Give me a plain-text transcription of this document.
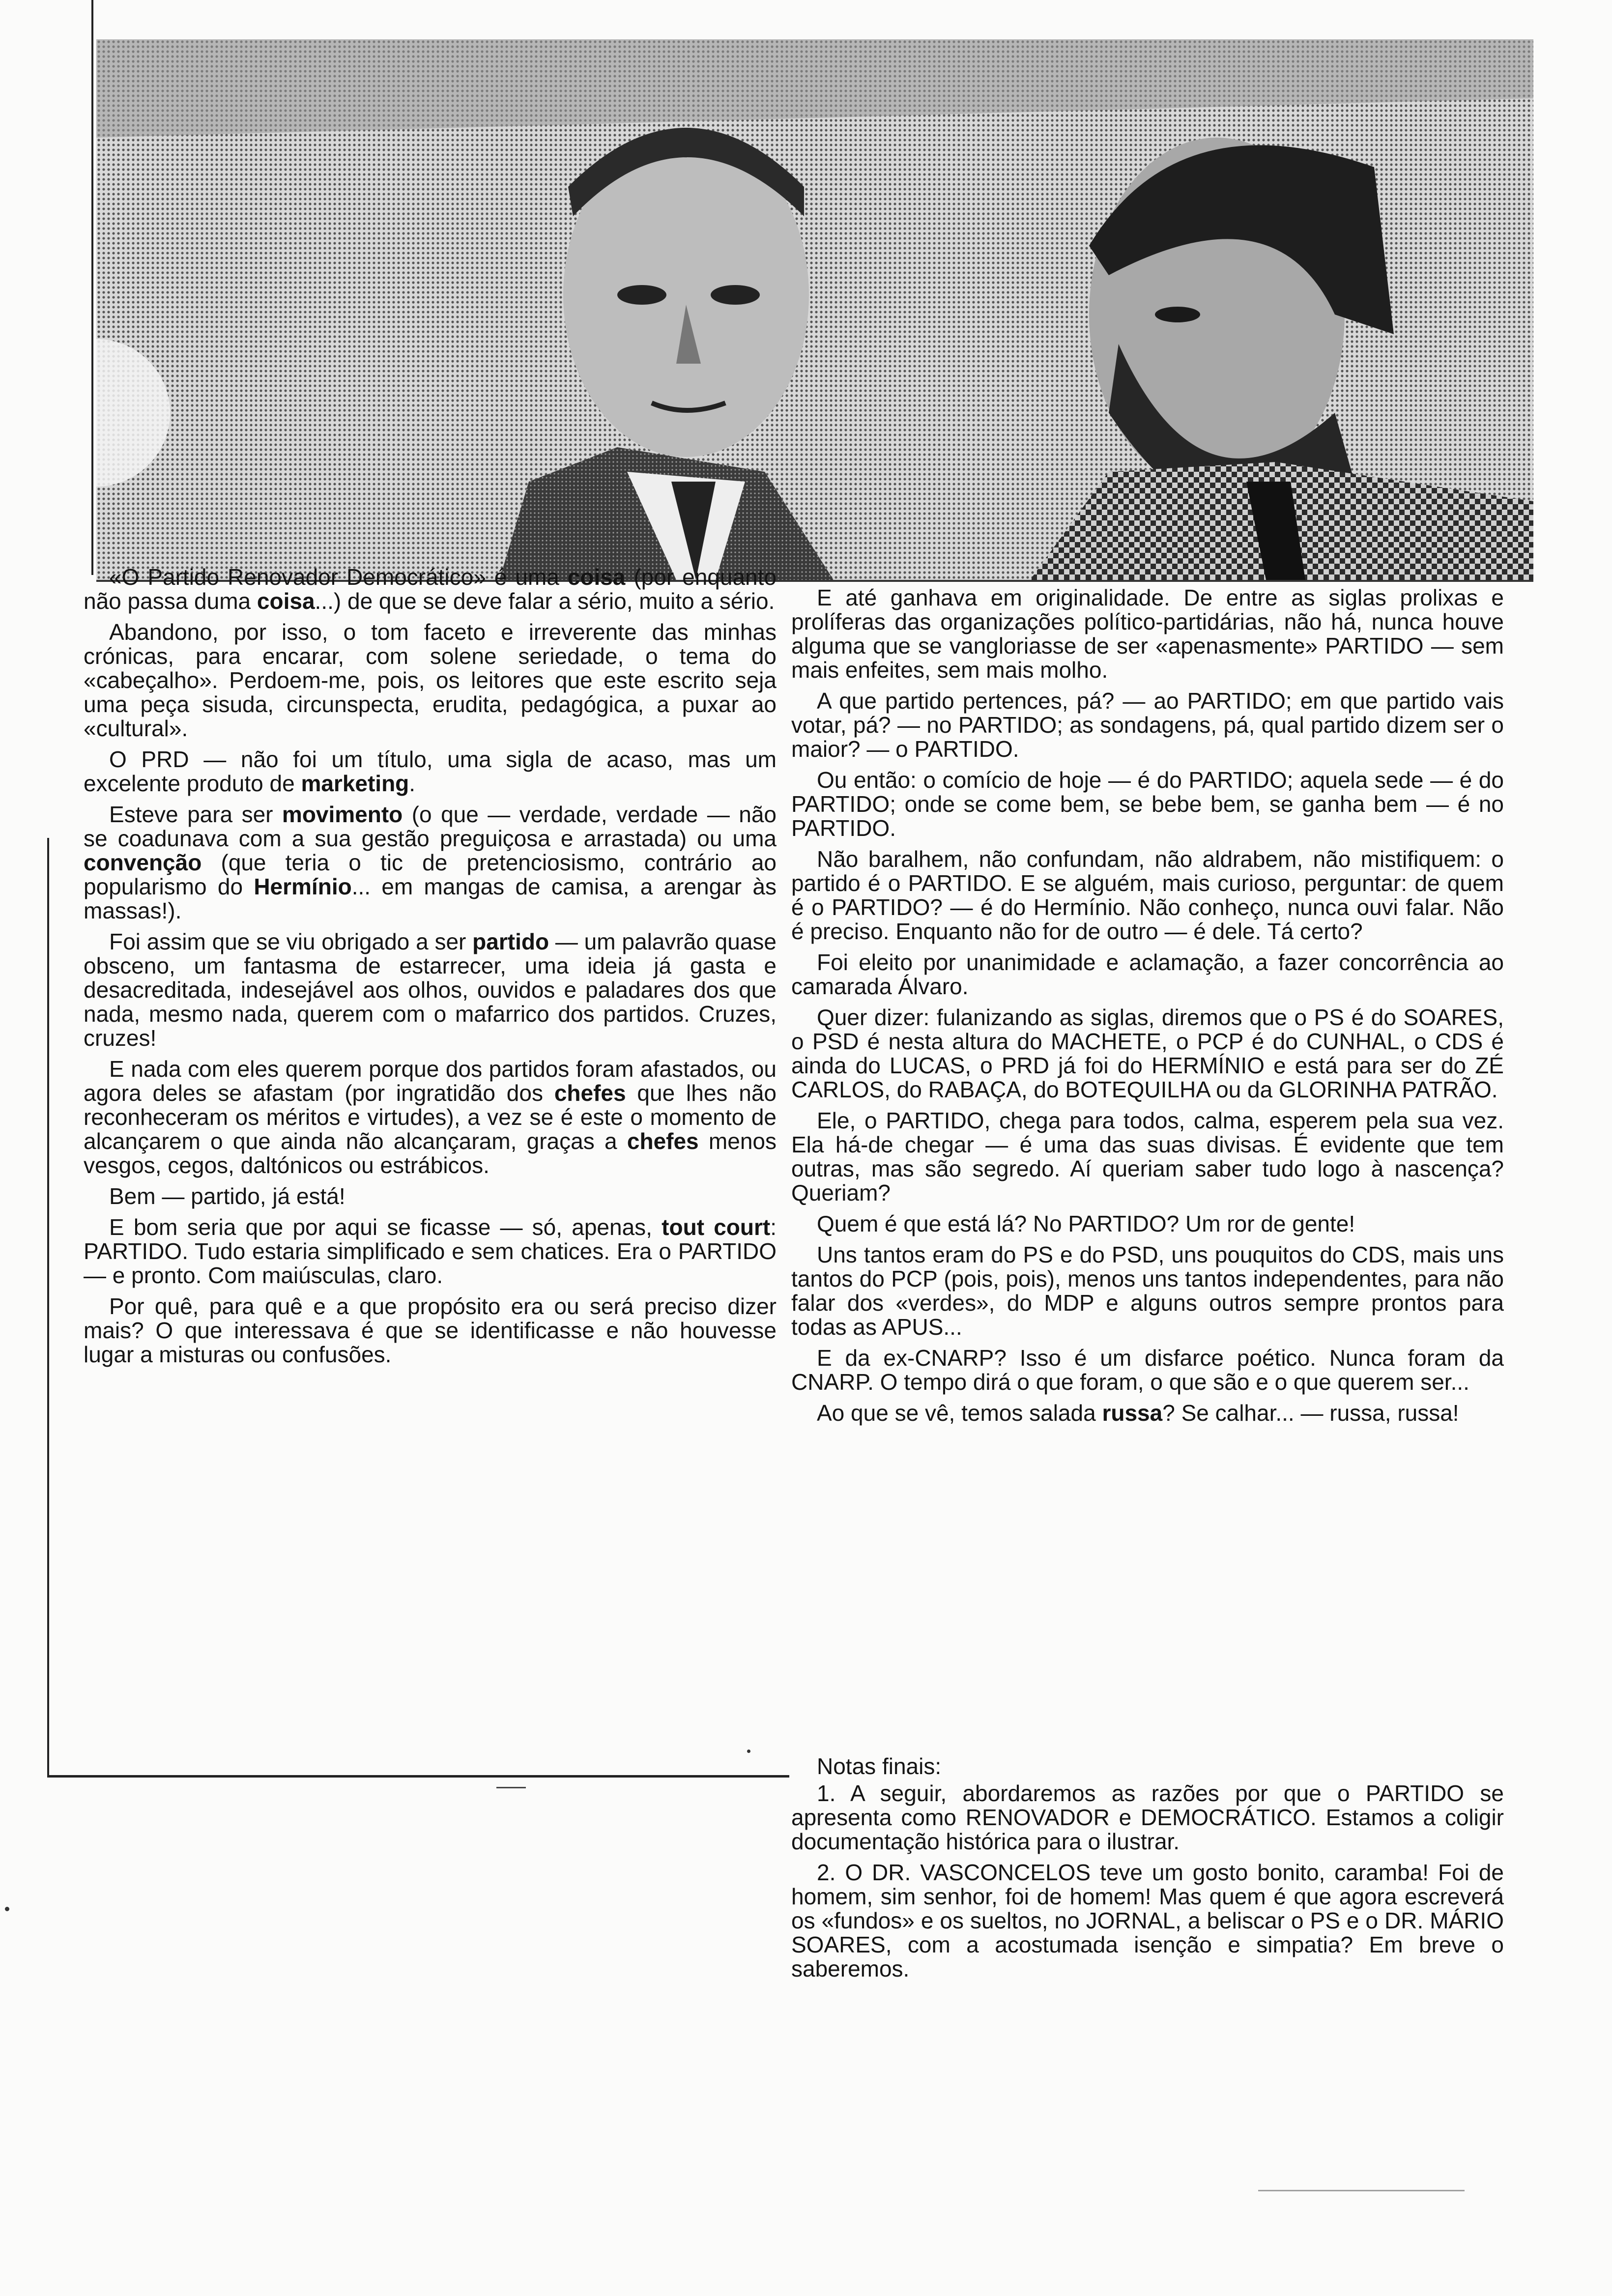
«O Partido Renovador Democrático» é uma coisa (por enquanto não passa duma coisa...) de que se deve falar a sério, muito a sério.

Abandono, por isso, o tom faceto e irreverente das minhas crónicas, para encarar, com solene seriedade, o tema do «cabeçalho». Perdoem-me, pois, os leitores que este escrito seja uma peça sisuda, circunspecta, erudita, pedagógica, a puxar ao «cultural».

O PRD — não foi um título, uma sigla de acaso, mas um excelente produto de marketing.

Esteve para ser movimento (o que — verdade, verdade — não se coadunava com a sua gestão preguiçosa e arrastada) ou uma convenção (que teria o tic de pretenciosismo, contrário ao popularismo do Hermínio... em mangas de camisa, a arengar às massas!).

Foi assim que se viu obrigado a ser partido — um palavrão quase obsceno, um fantasma de estarrecer, uma ideia já gasta e desacreditada, indesejável aos olhos, ouvidos e paladares dos que nada, mesmo nada, querem com o mafarrico dos partidos. Cruzes, cruzes!

E nada com eles querem porque dos partidos foram afastados, ou agora deles se afastam (por ingratidão dos chefes que lhes não reconheceram os méritos e virtudes), a vez se é este o momento de alcançarem o que ainda não alcançaram, graças a chefes menos vesgos, cegos, daltónicos ou estrábicos.

Bem — partido, já está!

E bom seria que por aqui se ficasse — só, apenas, tout court: PARTIDO. Tudo estaria simplificado e sem chatices. Era o PARTIDO — e pronto. Com maiúsculas, claro.

Por quê, para quê e a que propósito era ou será preciso dizer mais? O que interessava é que se identificasse e não houvesse lugar a misturas ou confusões.

E até ganhava em originalidade. De entre as siglas prolixas e prolíferas das organizações político-partidárias, não há, nunca houve alguma que se vangloriasse de ser «apenasmente» PARTIDO — sem mais enfeites, sem mais molho.

A que partido pertences, pá? — ao PARTIDO; em que partido vais votar, pá? — no PARTIDO; as sondagens, pá, qual partido dizem ser o maior? — o PARTIDO.

Ou então: o comício de hoje — é do PARTIDO; aquela sede — é do PARTIDO; onde se come bem, se bebe bem, se ganha bem — é no PARTIDO.

Não baralhem, não confundam, não aldrabem, não mistifiquem: o partido é o PARTIDO. E se alguém, mais curioso, perguntar: de quem é o PARTIDO? — é do Hermínio. Não conheço, nunca ouvi falar. Não é preciso. Enquanto não for de outro — é dele. Tá certo?

Foi eleito por unanimidade e aclamação, a fazer concorrência ao camarada Álvaro.

Quer dizer: fulanizando as siglas, diremos que o PS é do SOARES, o PSD é nesta altura do MACHETE, o PCP é do CUNHAL, o CDS é ainda do LUCAS, o PRD já foi do HERMÍNIO e está para ser do ZÉ CARLOS, do RABAÇA, do BOTEQUILHA ou da GLORINHA PATRÃO.

Ele, o PARTIDO, chega para todos, calma, esperem pela sua vez. Ela há-de chegar — é uma das suas divisas. É evidente que tem outras, mas são segredo. Aí queriam saber tudo logo à nascença? Queriam?

Quem é que está lá? No PARTIDO? Um ror de gente!

Uns tantos eram do PS e do PSD, uns pouquitos do CDS, mais uns tantos do PCP (pois, pois), menos uns tantos independentes, para não falar dos «verdes», do MDP e alguns outros sempre prontos para todas as APUS...

E da ex-CNARP? Isso é um disfarce poético. Nunca foram da CNARP. O tempo dirá o que foram, o que são e o que querem ser...

Ao que se vê, temos salada russa? Se calhar... — russa, russa!

Notas finais:

1. A seguir, abordaremos as razões por que o PARTIDO se apresenta como RENOVADOR e DEMOCRÁTICO. Estamos a coligir documentação histórica para o ilustrar.

2. O DR. VASCONCELOS teve um gosto bonito, caramba! Foi de homem, sim senhor, foi de homem! Mas quem é que agora escreverá os «fundos» e os sueltos, no JORNAL, a beliscar o PS e o DR. MÁRIO SOARES, com a acostumada isenção e simpatia? Em breve o saberemos.
